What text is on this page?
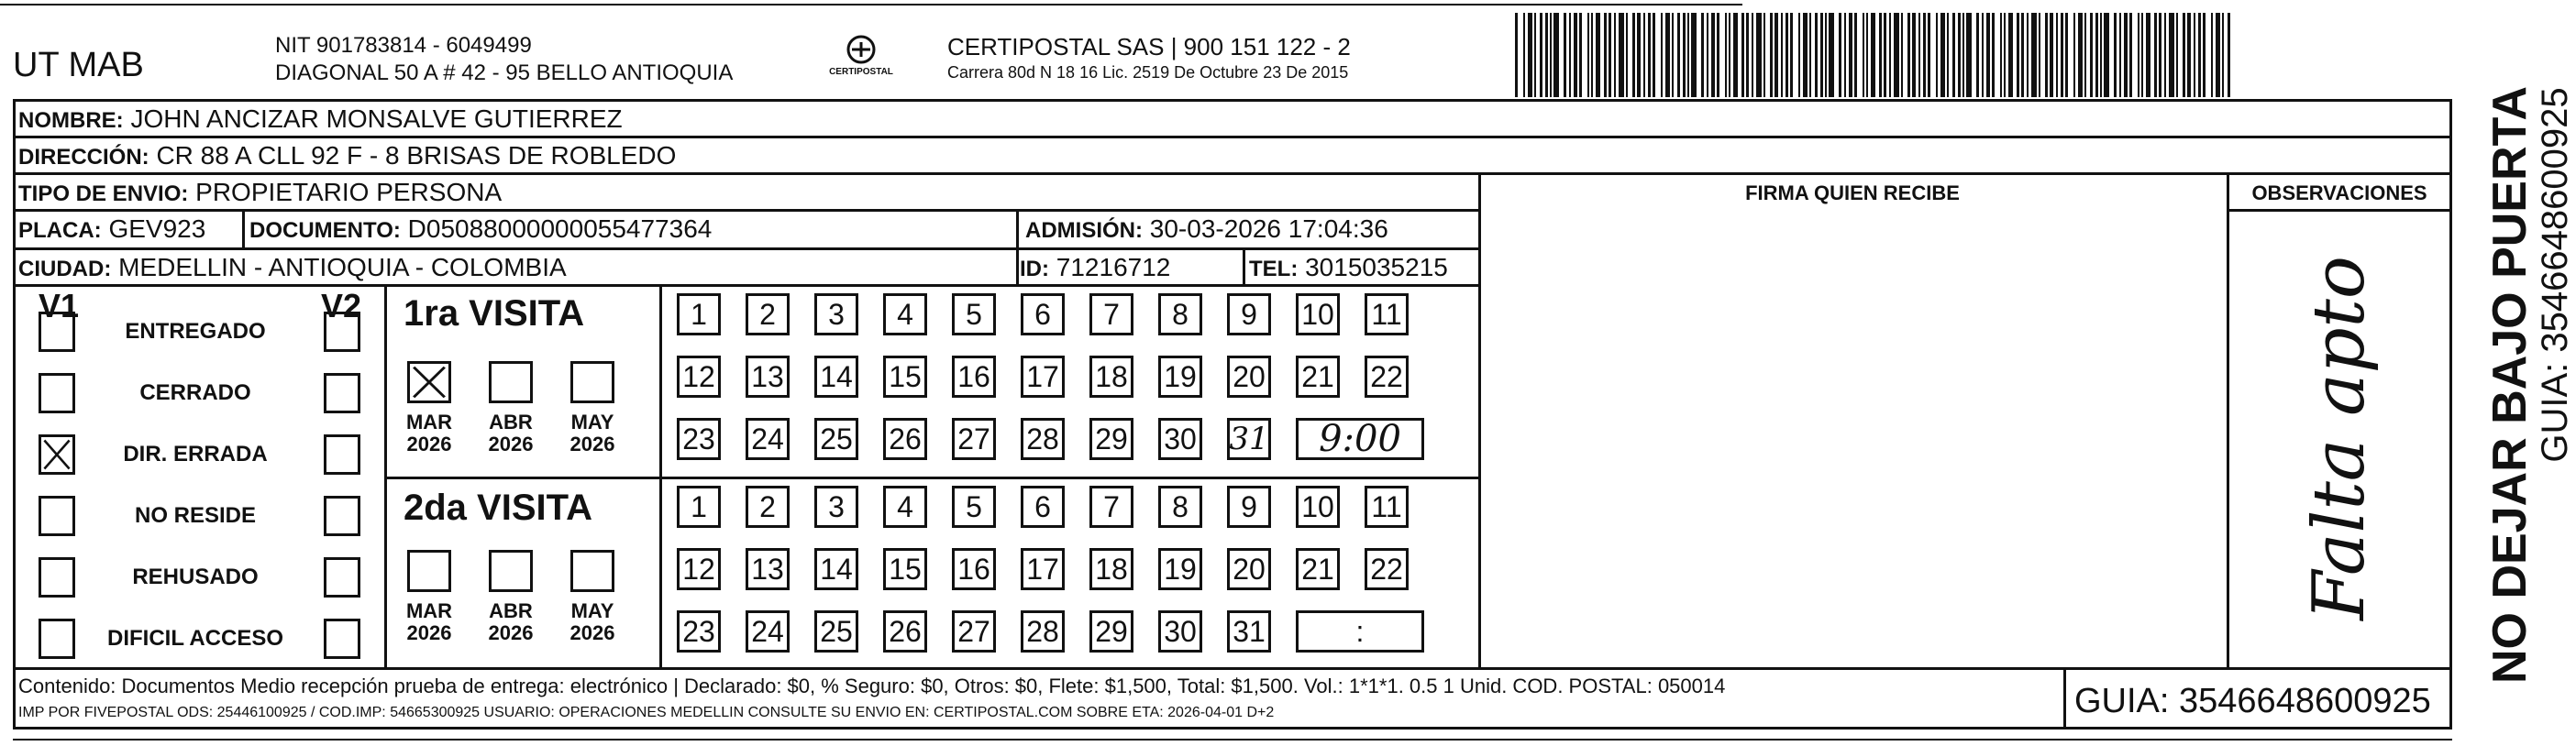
UT MAB
NIT 901783814 - 6049499
DIAGONAL 50 A # 42 - 95 BELLO ANTIOQUIA	CERTIPOSTAL
CERTIPOSTAL SAS | 900 151 122 - 2
Carrera 80d N 18 16 Lic. 2519 De Octubre 23 De 2015
NOMBRE: JOHN ANCIZAR MONSALVE GUTIERREZ
DIRECCIÓN: CR 88 A CLL 92 F - 8 BRISAS DE ROBLEDO
TIPO DE ENVIO: PROPIETARIO PERSONA
PLACA: GEV923 DOCUMENTO: D05088000000055477364	ADMISIÓN: 30-03-2026 17:04:36
CIUDAD: MEDELLIN - ANTIOQUIA - COLOMBIA	ID: 71216712	TEL: 3015035215
FIRMA QUIEN RECIBE	OBSERVACIONES
Falta apto
V1	V2
ENTREGADO
CERRADO
DIR. ERRADA
NO RESIDE
REHUSADO
DIFICIL ACCESO
1ra VISITA
MAR
2026
ABR
2026
MAY
2026
1	2	3	4	5	6	7	8	9	10 11
12 13 14 15 16 17 18 19 20 21 22
23 24 25 26 27 28 29 30 31	9:00
2da VISITA
MAR
2026
ABR
2026
MAY
2026
1	2	3	4	5	6	7	8	9	10 11
12 13 14 15 16 17 18 19 20 21 22
23 24 25 26 27 28 29 30 31	:
Contenido: Documentos Medio recepción prueba de entrega: electrónico | Declarado: $0, % Seguro: $0, Otros: $0, Flete: $1,500, Total: $1,500. Vol.: 1*1*1. 0.5 1 Unid. COD. POSTAL: 050014
IMP POR FIVEPOSTAL ODS: 25446100925 / COD.IMP: 54665300925 USUARIO: OPERACIONES MEDELLIN CONSULTE SU ENVIO EN: CERTIPOSTAL.COM SOBRE ETA: 2026-04-01 D+2	GUIA: 3546648600925
NO DEJAR BAJO PUERTA
GUIA: 3546648600925
